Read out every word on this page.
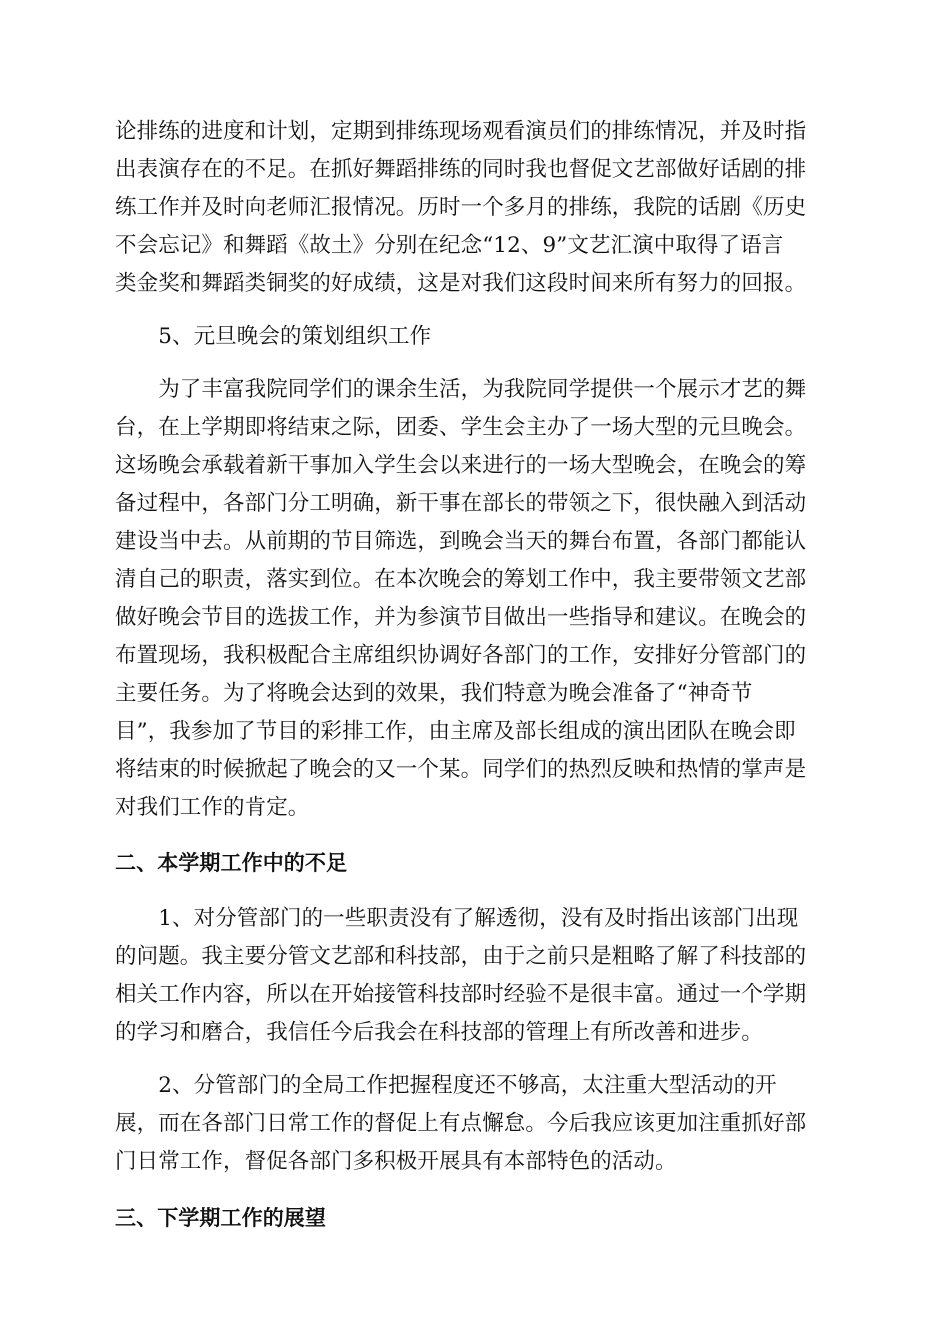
论排练的进度和计划，定期到排练现场观看演员们的排练情况，并及时指
出表演存在的不足。在抓好舞蹈排练的同时我也督促文艺部做好话剧的排
练工作并及时向老师汇报情况。历时一个多月的排练，我院的话剧《历史
不会忘记》和舞蹈《故土》分别在纪念“12、9”文艺汇演中取得了语言
类金奖和舞蹈类铜奖的好成绩，这是对我们这段时间来所有努力的回报。
　　5、元旦晚会的策划组织工作
　　为了丰富我院同学们的课余生活，为我院同学提供一个展示才艺的舞
台，在上学期即将结束之际，团委、学生会主办了一场大型的元旦晚会。
这场晚会承载着新干事加入学生会以来进行的一场大型晚会，在晚会的筹
备过程中，各部门分工明确，新干事在部长的带领之下，很快融入到活动
建设当中去。从前期的节目筛选，到晚会当天的舞台布置，各部门都能认
清自己的职责，落实到位。在本次晚会的筹划工作中，我主要带领文艺部
做好晚会节目的选拔工作，并为参演节目做出一些指导和建议。在晚会的
布置现场，我积极配合主席组织协调好各部门的工作，安排好分管部门的
主要任务。为了将晚会达到的效果，我们特意为晚会准备了“神奇节
目”，我参加了节目的彩排工作，由主席及部长组成的演出团队在晚会即
将结束的时候掀起了晚会的又一个某。同学们的热烈反映和热情的掌声是
对我们工作的肯定。
二、本学期工作中的不足
　　1、对分管部门的一些职责没有了解透彻，没有及时指出该部门出现
的问题。我主要分管文艺部和科技部，由于之前只是粗略了解了科技部的
相关工作内容，所以在开始接管科技部时经验不是很丰富。通过一个学期
的学习和磨合，我信任今后我会在科技部的管理上有所改善和进步。
　　2、分管部门的全局工作把握程度还不够高，太注重大型活动的开
展，而在各部门日常工作的督促上有点懈怠。今后我应该更加注重抓好部
门日常工作，督促各部门多积极开展具有本部特色的活动。
三、下学期工作的展望
